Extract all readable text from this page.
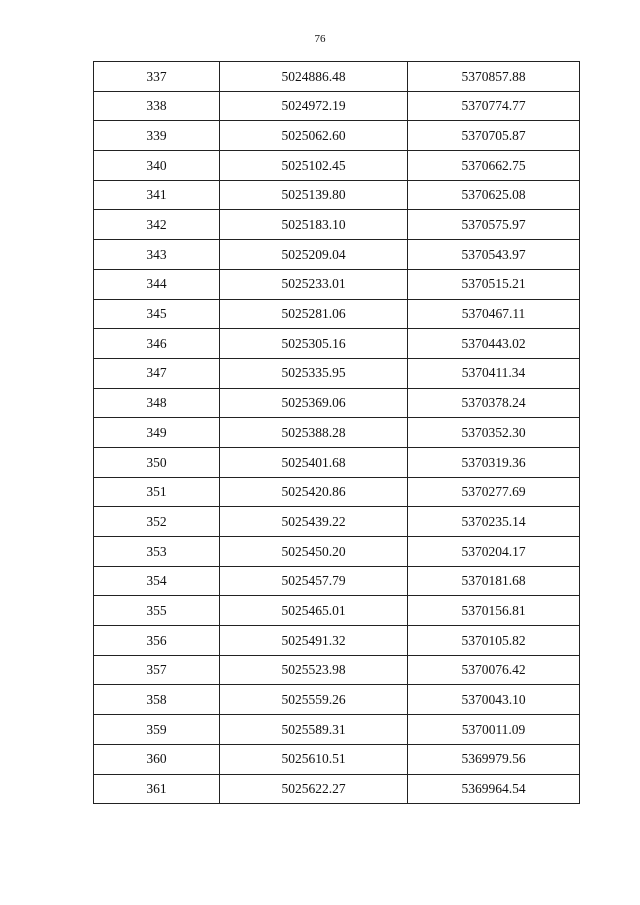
76
337	5024886.48	5370857.88
338	5024972.19	5370774.77
339	5025062.60	5370705.87
340	5025102.45	5370662.75
341	5025139.80	5370625.08
342	5025183.10	5370575.97
343	5025209.04	5370543.97
344	5025233.01	5370515.21
345	5025281.06	5370467.11
346	5025305.16	5370443.02
347	5025335.95	5370411.34
348	5025369.06	5370378.24
349	5025388.28	5370352.30
350	5025401.68	5370319.36
351	5025420.86	5370277.69
352	5025439.22	5370235.14
353	5025450.20	5370204.17
354	5025457.79	5370181.68
355	5025465.01	5370156.81
356	5025491.32	5370105.82
357	5025523.98	5370076.42
358	5025559.26	5370043.10
359	5025589.31	5370011.09
360	5025610.51	5369979.56
361	5025622.27	5369964.54
